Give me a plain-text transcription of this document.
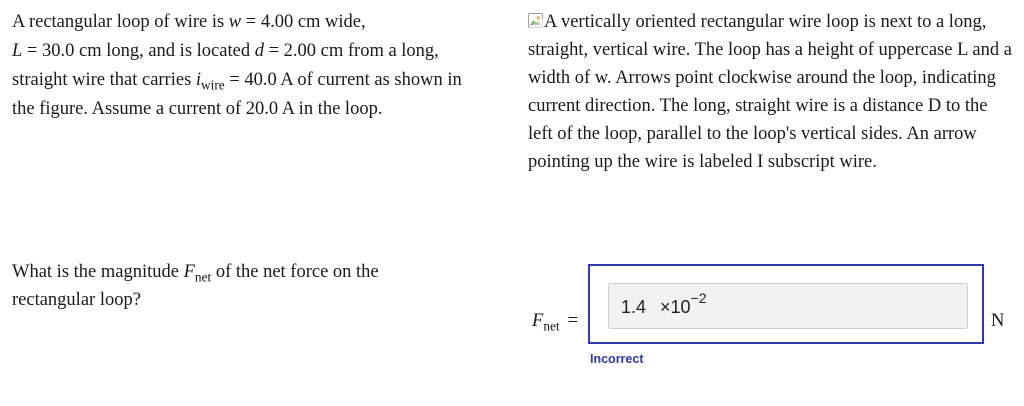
A rectangular loop of wire is w = 4.00 cm wide,
L = 30.0 cm long, and is located d = 2.00 cm from a long,
straight wire that carries $i_{wire} = 40.0$ A of current as shown in
the figure. Assume a current of 20.0 A in the loop.

A vertically oriented rectangular wire loop is next to a long, straight, vertical wire. The loop has a height of uppercase L and a width of w. Arrows point clockwise around the loop, indicating current direction. The long, straight wire is a distance D to the left of the loop, parallel to the loop's vertical sides. An arrow pointing up the wire is labeled I subscript wire.

What is the magnitude $F_{net}$ of the net force on the rectangular loop?

$F_{net}$ =
$1.4 \times 10^{-2}$
N
Incorrect
